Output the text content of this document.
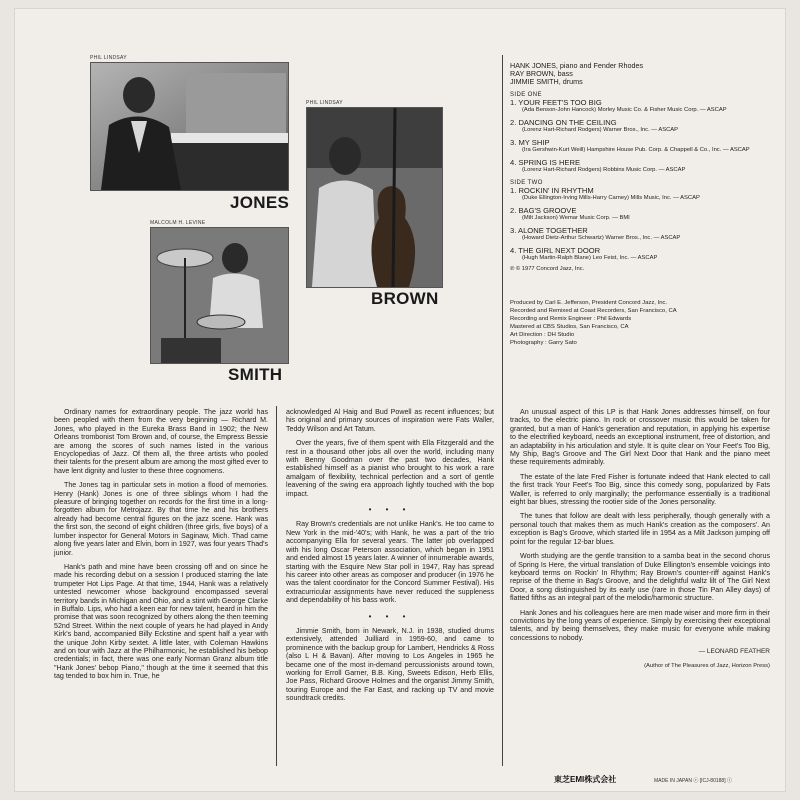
PHIL LINDSAY
JONES
PHIL LINDSAY
BROWN
MALCOLM H. LEVINE
SMITH
HANK JONES, piano and Fender Rhodes
RAY BROWN, bass
JIMMIE SMITH, drums
SIDE ONE
1. YOUR FEET'S TOO BIG
(Ada Benson-John Hancock) Morley Music Co. & Fisher Music Corp. — ASCAP
2. DANCING ON THE CEILING
(Lorenz Hart-Richard Rodgers) Warner Bros., Inc. — ASCAP
3. MY SHIP
(Ira Gershwin-Kurt Weill) Hampshire House Pub. Corp. & Chappell & Co., Inc. — ASCAP
4. SPRING IS HERE
(Lorenz Hart-Richard Rodgers) Robbins Music Corp. — ASCAP
SIDE TWO
1. ROCKIN' IN RHYTHM
(Duke Ellington-Irving Mills-Harry Carney) Mills Music, Inc. — ASCAP
2. BAG'S GROOVE
(Milt Jackson) Wemar Music Corp. — BMI
3. ALONE TOGETHER
(Howard Dietz-Arthur Schwartz) Warner Bros., Inc. — ASCAP
4. THE GIRL NEXT DOOR
(Hugh Martin-Ralph Blane) Leo Feist, Inc. — ASCAP
℗ © 1977 Concord Jazz, Inc.
Produced by Carl E. Jefferson, President Concord Jazz, Inc.
Recorded and Remixed at Coast Recorders, San Francisco, CA
Recording and Remix Engineer : Phil Edwards
Mastered at CBS Studios, San Francisco, CA
Art Direction : DH Studio
Photography : Garry Sato

Ordinary names for extraordinary people. The jazz world has been peopled with them from the very beginning — Richard M. Jones, who played in the Eureka Brass Band in 1902; the New Orleans trombonist Tom Brown and, of course, the Empress Bessie are among the scores of such names listed in the various Encyclopedias of Jazz. Of them all, the three artists who pooled their talents for the present album are among the most gifted ever to have lent dignity and luster to these three cognomens.

The Jones tag in particular sets in motion a flood of memories. Henry (Hank) Jones is one of three siblings whom I had the pleasure of bringing together on records for the first time in a long-forgotten album for Metrojazz. By that time he and his brothers already had become central figures on the jazz scene. Hank was the first son, the second of eight children (three girls, five boys) of a lumber inspector for General Motors in Saginaw, Mich. Thad came along five years later and Elvin, born in 1927, was four years Thad's junior.

Hank's path and mine have been crossing off and on since he made his recording debut on a session I produced starring the late trumpeter Hot Lips Page. At that time, 1944, Hank was a relatively untested newcomer whose background encompassed several territory bands in Michigan and Ohio, and a stint with George Clarke in Buffalo. Lips, who had a keen ear for new talent, heard in him the promise that was soon recognized by others along the then teeming 52nd Street. Within the next couple of years he had played in Andy Kirk's band, accompanied Billy Eckstine and spent half a year with the unique John Kirby sextet. A little later, with Coleman Hawkins and on tour with Jazz at the Philharmonic, he established his bebop credentials; in fact, there was one early Norman Granz album title "Hank Jones' bebop Piano," though at the time it seemed that this tag tended to box him in. True, he

acknowledged Al Haig and Bud Powell as recent influences; but his original and primary sources of inspiration were Fats Waller, Teddy Wilson and Art Tatum.

Over the years, five of them spent with Ella Fitzgerald and the rest in a thousand other jobs all over the world, including many with Benny Goodman over the past two decades, Hank established himself as a pianist who brought to his work a rare amalgam of flexibility, technical perfection and a sort of gentle leavening of the swing era approach lightly touched with the bop impact.

• • •

Ray Brown's credentials are not unlike Hank's. He too came to New York in the mid-'40's; with Hank, he was a part of the trio accompanying Ella for several years. The latter job overlapped with his long Oscar Peterson association, which began in 1951 and ended almost 15 years later. A winner of innumerable awards, starting with the Esquire New Star poll in 1947, Ray has spread his career into other areas as composer and producer (in 1976 he was the talent coordinator for the Concord Summer Festival). His extracurricular assignments have never reduced the suppleness and dependability of his bass work.

• • •

Jimmie Smith, born in Newark, N.J. in 1938, studied drums extensively, attended Juilliard in 1959-60, and came to prominence with the backup group for Lambert, Hendricks & Ross (also L H & Bavan). After moving to Los Angeles in 1965 he became one of the most in-demand percussionists around town, working for Erroll Garner, B.B. King, Sweets Edison, Herb Ellis, Joe Pass, Richard Groove Holmes and the organist Jimmy Smith, touring Europe and the Far East, and racking up TV and movie soundtrack credits.

An unusual aspect of this LP is that Hank Jones addresses himself, on four tracks, to the electric piano. In rock or crossover music this would be taken for granted, but a man of Hank's generation and reputation, in applying his expertise to the electrified keyboard, needs an exceptional instrument, free of distortion, and an adaptability in his articulation and style. It is quite clear on Your Feet's Too Big, My Ship, Bag's Groove and The Girl Next Door that Hank and the piano meet these requirements admirably.

The estate of the late Fred Fisher is fortunate indeed that Hank elected to call the first track Your Feet's Too Big, since this comedy song, popularized by Fats Waller, is referred to only marginally; the performance essentially is a traditional eight bar blues, stressing the rootier side of the Jones personality.

The tunes that follow are dealt with less peripherally, though generally with a personal touch that makes them as much Hank's creation as the composers'. An exception is Bag's Groove, which started life in 1954 as a Milt Jackson jumping off point for the regular 12-bar blues.

Worth studying are the gentle transition to a samba beat in the second chorus of Spring Is Here, the virtual translation of Duke Ellington's ensemble voicings into keyboard terms on Rockin' In Rhythm; Ray Brown's counter-riff against Hank's reprise of the theme in Bag's Groove, and the delightful waltz lilt of The Girl Next Door, a song distinguished by its early use (rare in those Tin Pan Alley days) of flatted fifths as an integral part of the melodic/harmonic structure.

Hank Jones and his colleagues here are men made wiser and more firm in their convictions by the long years of experience. Simply by exercising their exceptional talents, and by being themselves, they make music for everyone while making concessions to nobody.

— LEONARD FEATHER

(Author of The Pleasures of Jazz, Horizon Press)

東芝EMI株式会社	MADE IN JAPAN ⓡ [ICJ-80188] ⓣ
